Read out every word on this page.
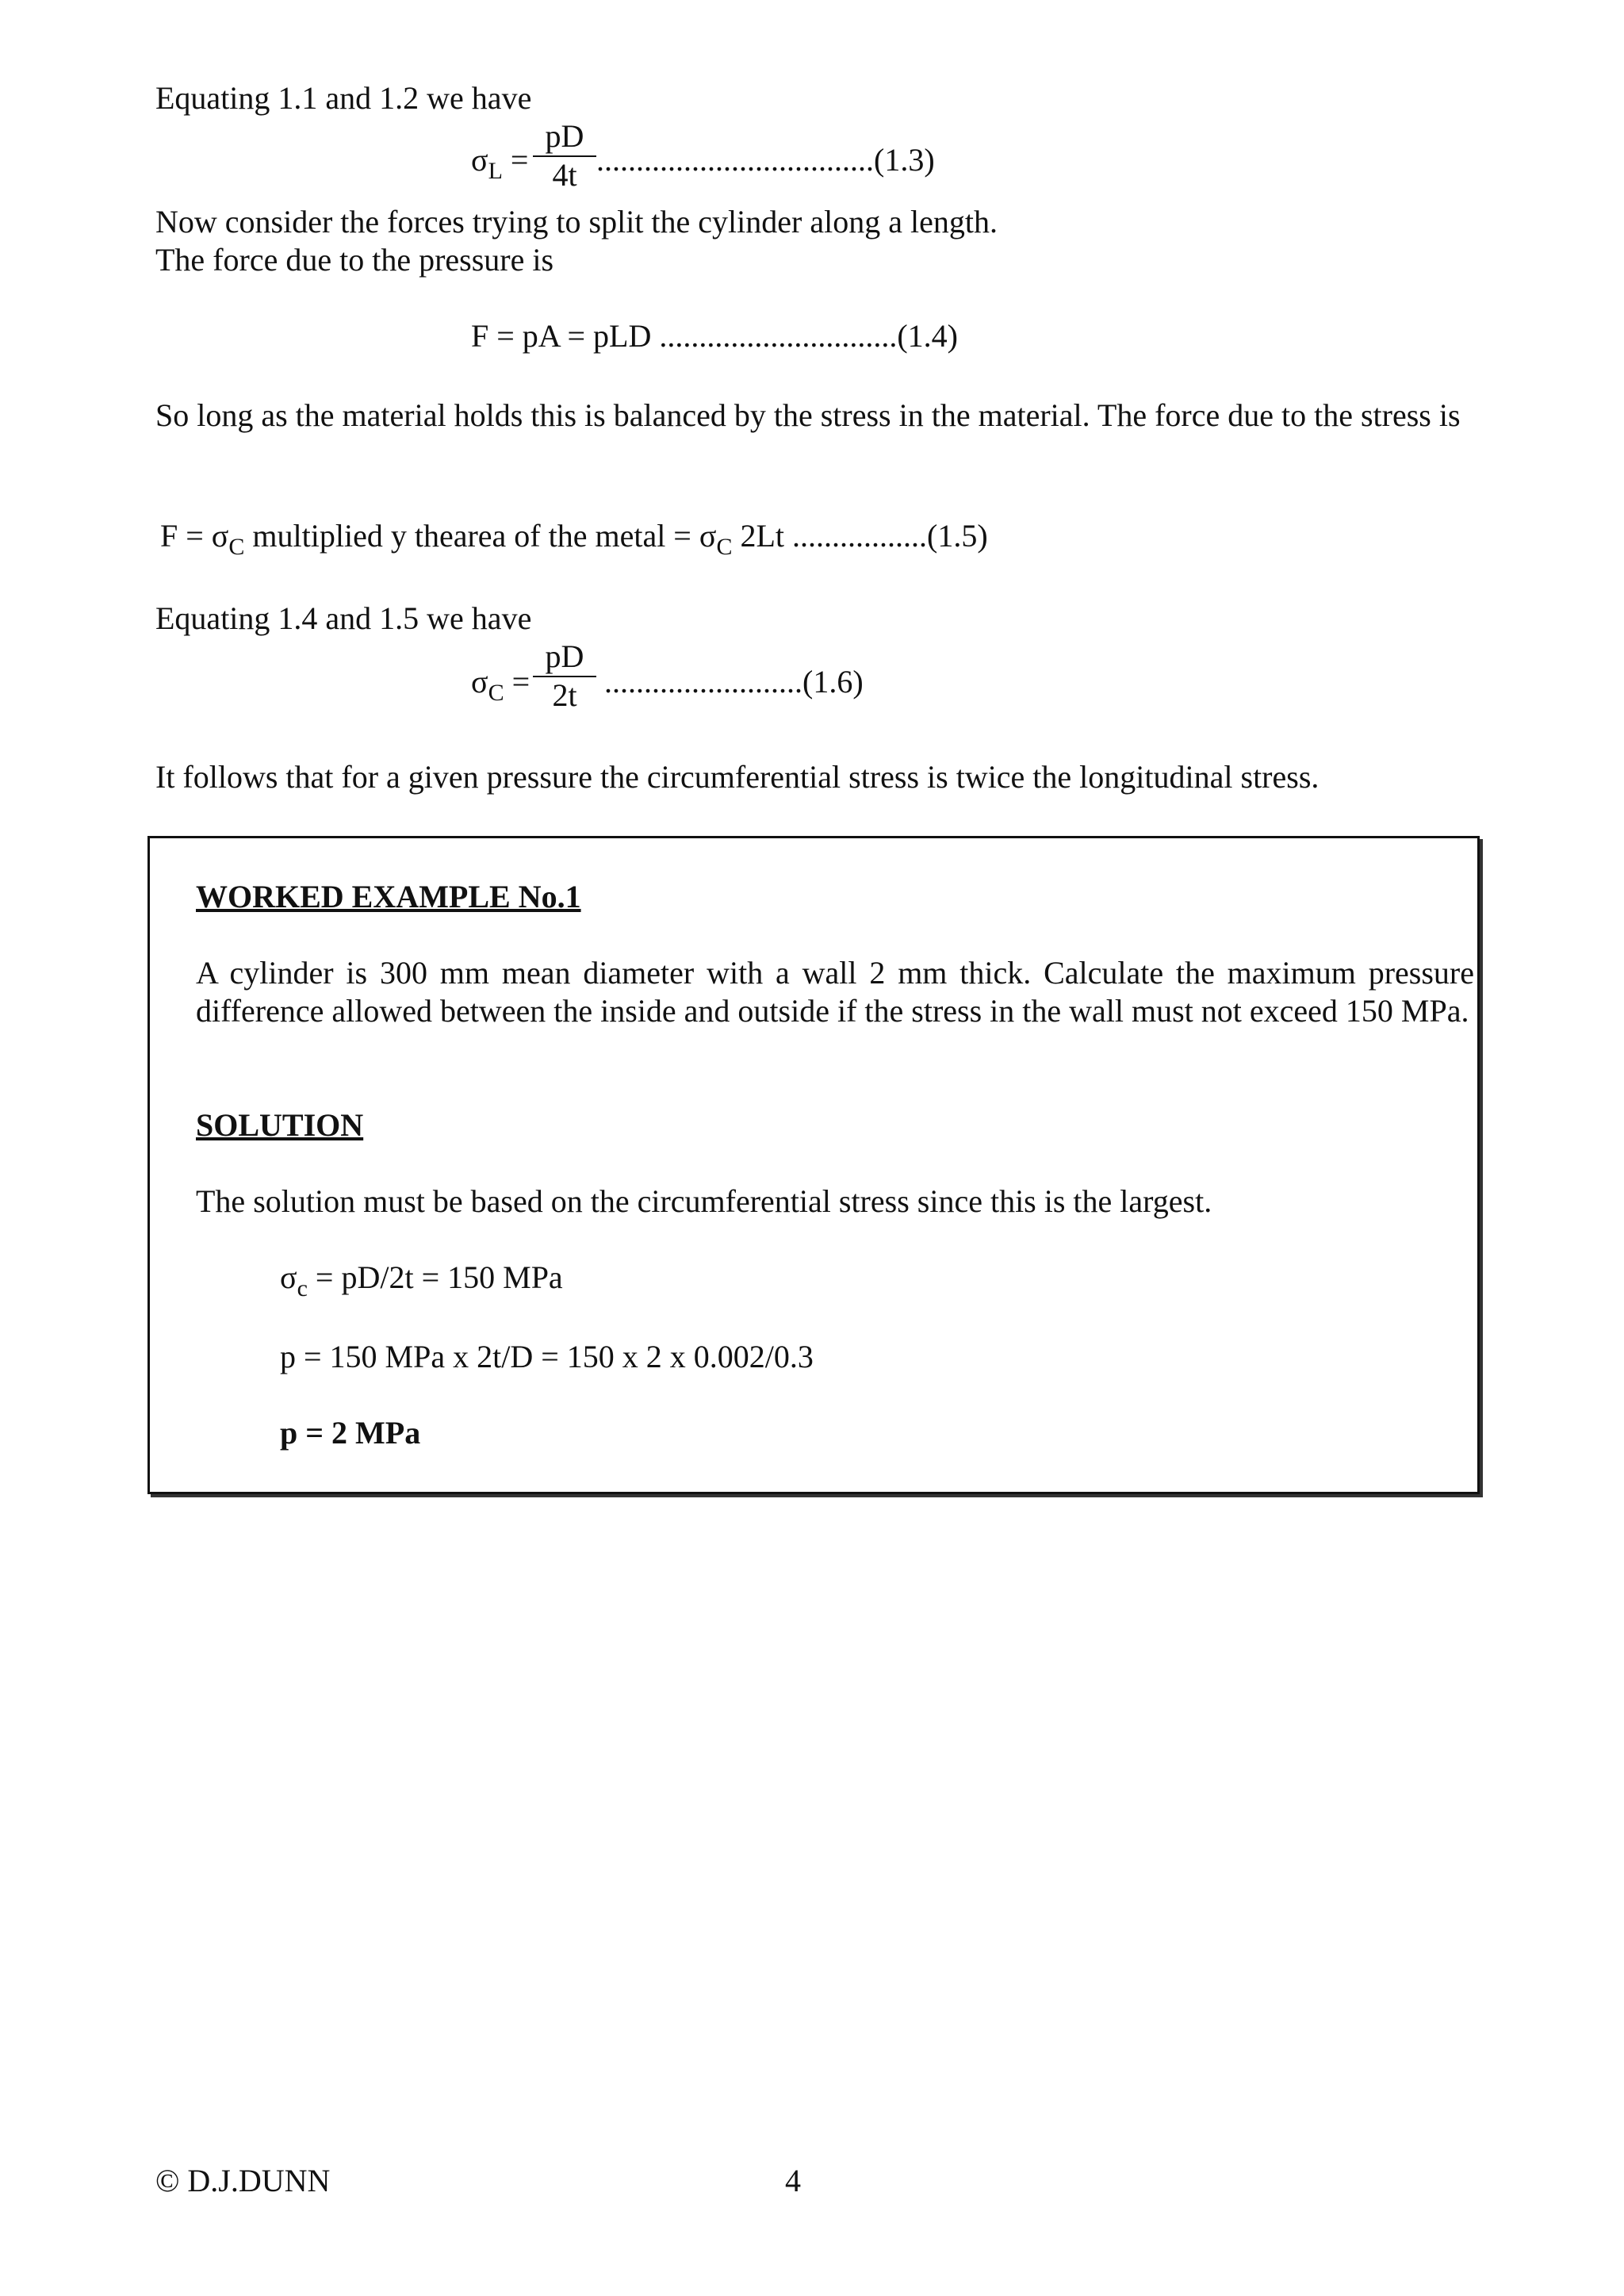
Equating 1.1 and 1.2 we have
$\sigma_L = \frac{pD}{4t} ...................................(1.3)$
Now consider the forces trying to split the cylinder along a length.
The force due to the pressure is
F = pA = pLD ..............................(1.4)
So long as the material holds this is balanced by the stress in the material. The force due to the stress is
$F = \sigma_C$ multiplied y thearea of the metal = $\sigma_C$ 2Lt .................(1.5)
Equating 1.4 and 1.5 we have
$\sigma_C = \frac{pD}{2t} .........................(1.6)$
It follows that for a given pressure the circumferential stress is twice the longitudinal stress.
WORKED EXAMPLE No.1
A cylinder is 300 mm mean diameter with a wall 2 mm thick. Calculate the maximum pressure difference allowed between the inside and outside if the stress in the wall must not exceed 150 MPa.
SOLUTION
The solution must be based on the circumferential stress since this is the largest.
$\sigma_c = pD/2t = 150$ MPa
p = 150 MPa x 2t/D = 150 x 2 x 0.002/0.3
p = 2 MPa
© D.J.DUNN	4
